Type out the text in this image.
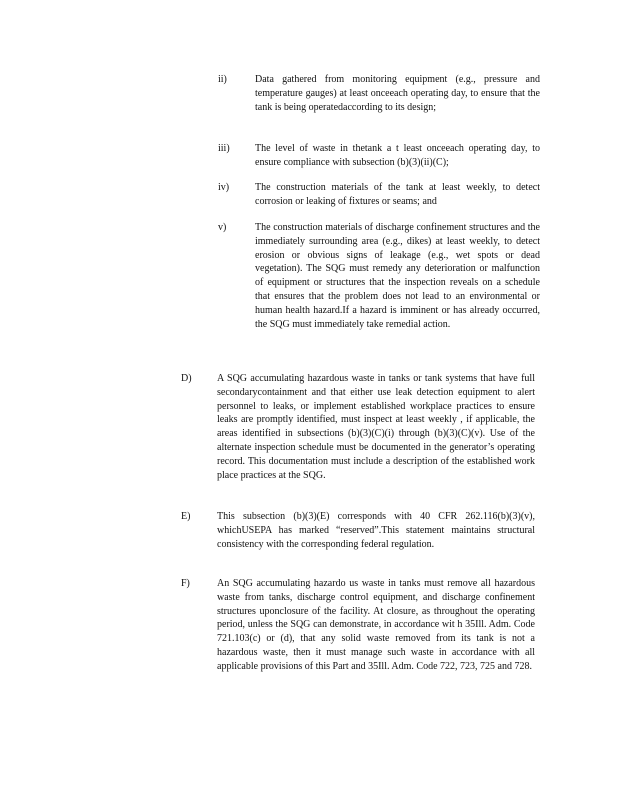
ii)	Data gathered from monitoring equipment (e.g., pressure and temperature gauges) at least onceeach operating day, to ensure that the tank is being operatedaccording to its design;
iii)	The level of waste in thetank a t least onceeach operating day, to ensure compliance with subsection (b)(3)(ii)(C);
iv)	The construction materials of the tank at least weekly, to detect corrosion or leaking of fixtures or seams; and
v)	The construction materials of discharge confinement structures and the immediately surrounding area (e.g., dikes) at least weekly, to detect erosion or obvious signs of leakage (e.g., wet spots or dead vegetation). The SQG must remedy any deterioration or malfunction of equipment or structures that the inspection reveals on a schedule that ensures that the problem does not lead to an environmental or human health hazard.If a hazard is imminent or has already occurred, the SQG must immediately take remedial action.
D)	A SQG accumulating hazardous waste in tanks or tank systems that have full secondarycontainment and that either use leak detection equipment to alert personnel to leaks, or implement established workplace practices to ensure leaks are promptly identified, must inspect at least weekly , if applicable, the areas identified in subsections (b)(3)(C)(i) through (b)(3)(C)(v). Use of the alternate inspection schedule must be documented in the generator’s operating record. This documentation must include a description of the established work place practices at the SQG.
E)	This subsection (b)(3)(E) corresponds with 40 CFR 262.116(b)(3)(v), whichUSEPA has marked “reserved”.This statement maintains structural consistency with the corresponding federal regulation.
F)	An SQG accumulating hazardo us waste in tanks must remove all hazardous waste from tanks, discharge control equipment, and discharge confinement structures uponclosure of the facility. At closure, as throughout the operating period, unless the SQG can demonstrate, in accordance wit h 35Ill. Adm. Code 721.103(c) or (d), that any solid waste removed from its tank is not a hazardous waste, then it must manage such waste in accordance with all applicable provisions of this Part and 35Ill. Adm. Code 722, 723, 725 and 728.
